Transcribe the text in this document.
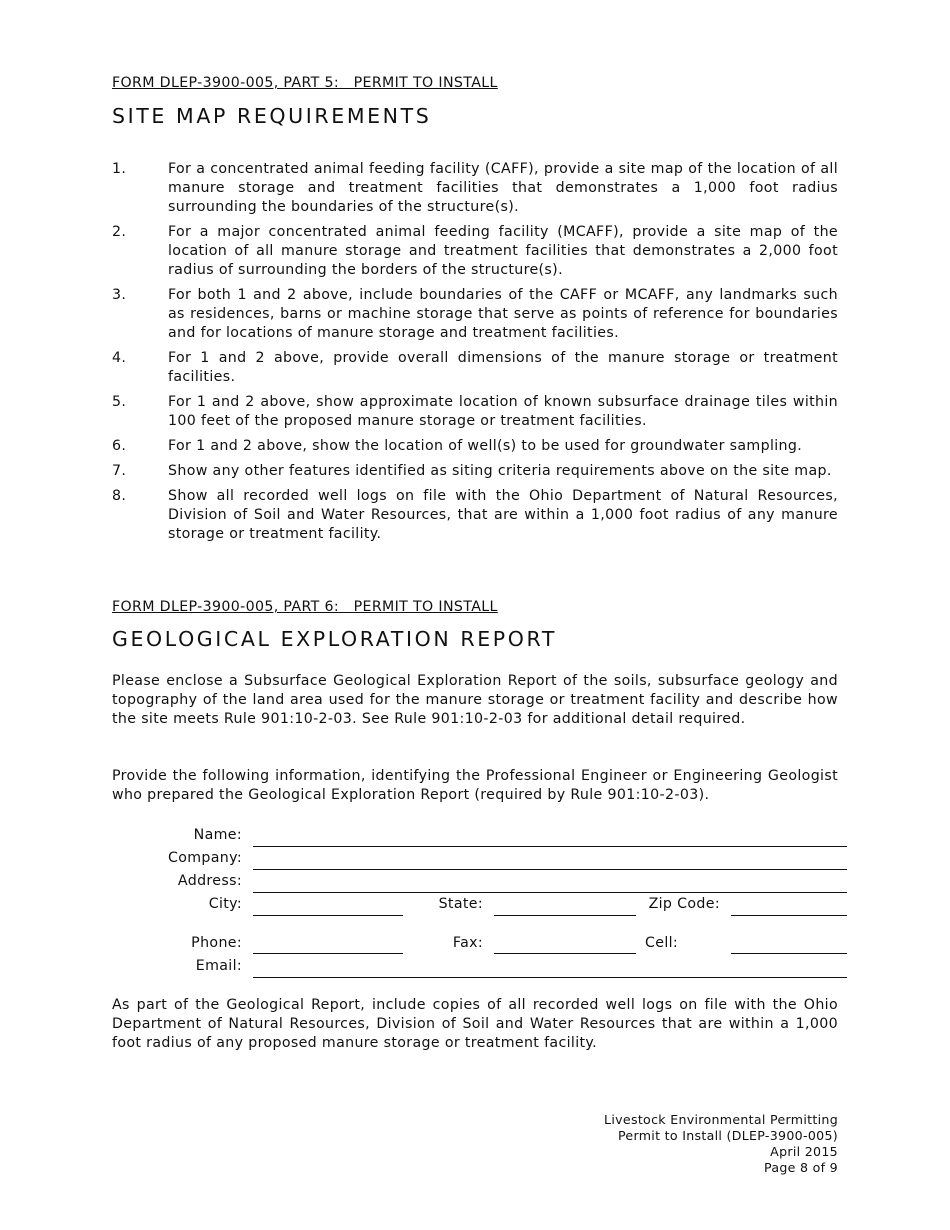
FORM DLEP-3900-005, PART 5:   PERMIT TO INSTALL
SITE MAP REQUIREMENTS
1.	For a concentrated animal feeding facility (CAFF), provide a site map of the location of all manure storage and treatment facilities that demonstrates a 1,000 foot radius surrounding the boundaries of the structure(s).
2.	For a major concentrated animal feeding facility (MCAFF), provide a site map of the location of all manure storage and treatment facilities that demonstrates a 2,000 foot radius of surrounding the borders of the structure(s).
3.	For both 1 and 2 above, include boundaries of the CAFF or MCAFF, any landmarks such as residences, barns or machine storage that serve as points of reference for boundaries and for locations of manure storage and treatment facilities.
4.	For 1 and 2 above, provide overall dimensions of the manure storage or treatment facilities.
5.	For 1 and 2 above, show approximate location of known subsurface drainage tiles within 100 feet of the proposed manure storage or treatment facilities.
6.	For 1 and 2 above, show the location of well(s) to be used for groundwater sampling.
7.	Show any other features identified as siting criteria requirements above on the site map.
8.	Show all recorded well logs on file with the Ohio Department of Natural Resources, Division of Soil and Water Resources, that are within a 1,000 foot radius of any manure storage or treatment facility.
FORM DLEP-3900-005, PART 6:   PERMIT TO INSTALL
GEOLOGICAL EXPLORATION REPORT

Please enclose a Subsurface Geological Exploration Report of the soils, subsurface geology and topography of the land area used for the manure storage or treatment facility and describe how the site meets Rule 901:10-2-03. See Rule 901:10-2-03 for additional detail required.

Provide the following information, identifying the Professional Engineer or Engineering Geologist who prepared the Geological Exploration Report (required by Rule 901:10-2-03).

Name:
Company:
Address:
City:	State:	Zip Code:
Phone:	Fax:	Cell:
Email:

As part of the Geological Report, include copies of all recorded well logs on file with the Ohio Department of Natural Resources, Division of Soil and Water Resources that are within a 1,000 foot radius of any proposed manure storage or treatment facility.

Livestock Environmental Permitting
Permit to Install (DLEP-3900-005)
April 2015
Page 8 of 9
